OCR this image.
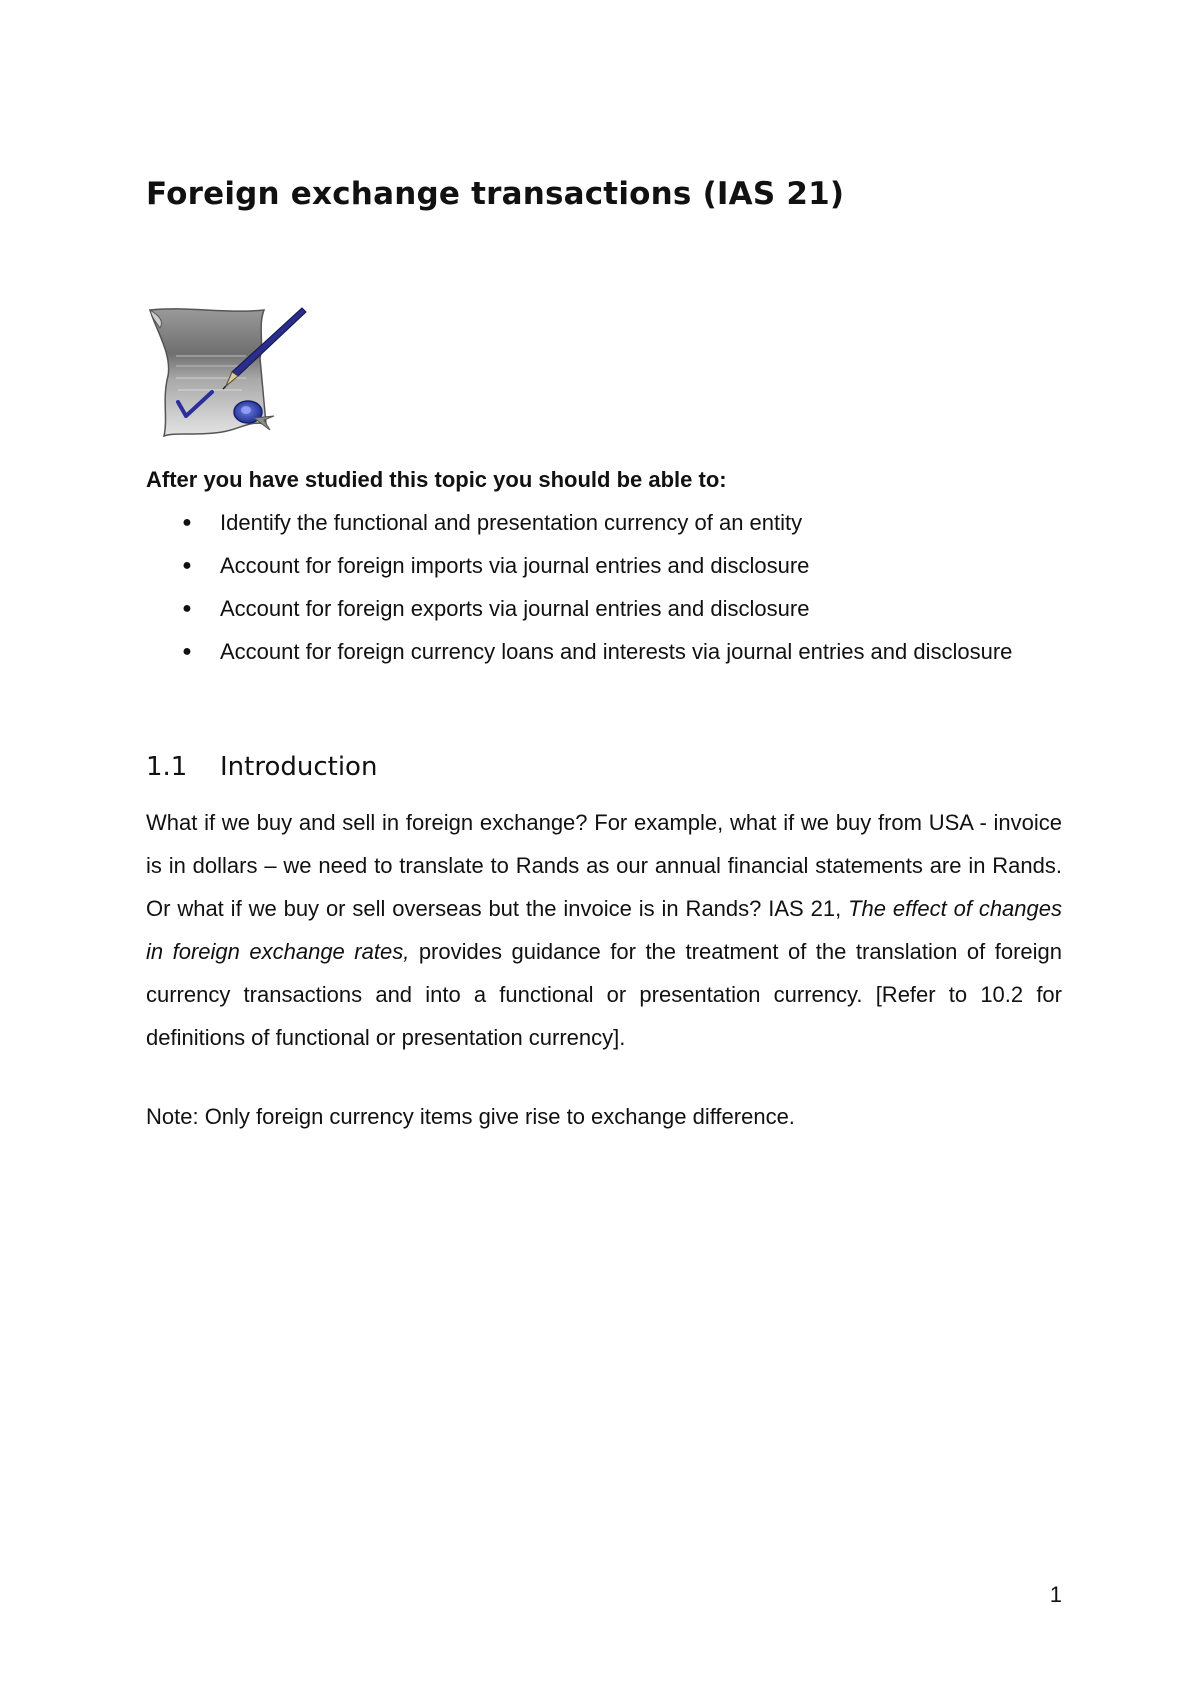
Foreign exchange transactions (IAS 21)

After you have studied this topic you should be able to:

● Identify the functional and presentation currency of an entity
● Account for foreign imports via journal entries and disclosure
● Account for foreign exports via journal entries and disclosure
● Account for foreign currency loans and interests via journal entries and disclosure
1.1 Introduction

What if we buy and sell in foreign exchange? For example, what if we buy from USA - invoice is in dollars – we need to translate to Rands as our annual financial statements are in Rands. Or what if we buy or sell overseas but the invoice is in Rands? IAS 21, The effect of changes in foreign exchange rates, provides guidance for the treatment of the translation of foreign currency transactions and into a functional or presentation currency. [Refer to 10.2 for definitions of functional or presentation currency].

Note: Only foreign currency items give rise to exchange difference.

1
